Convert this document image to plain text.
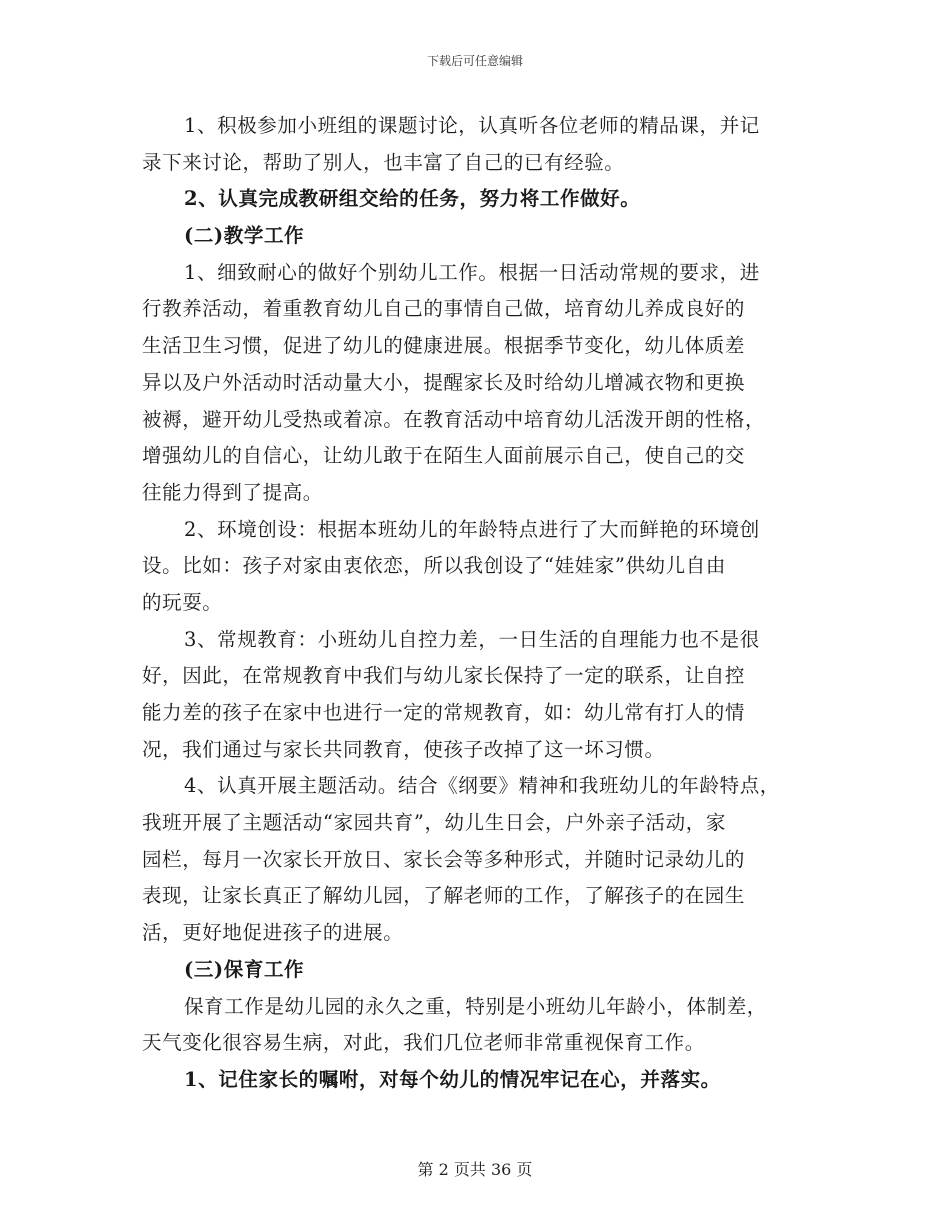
下载后可任意编辑
1、积极参加小班组的课题讨论，认真听各位老师的精品课，并记
录下来讨论，帮助了别人，也丰富了自己的已有经验。
2、认真完成教研组交给的任务，努力将工作做好。
(二)教学工作
1、细致耐心的做好个别幼儿工作。根据一日活动常规的要求，进
行教养活动，着重教育幼儿自己的事情自己做，培育幼儿养成良好的
生活卫生习惯，促进了幼儿的健康进展。根据季节变化，幼儿体质差
异以及户外活动时活动量大小，提醒家长及时给幼儿增减衣物和更换
被褥，避开幼儿受热或着凉。在教育活动中培育幼儿活泼开朗的性格，
增强幼儿的自信心，让幼儿敢于在陌生人面前展示自己，使自己的交
往能力得到了提高。
2、环境创设：根据本班幼儿的年龄特点进行了大而鲜艳的环境创
设。比如：孩子对家由衷依恋，所以我创设了“娃娃家”供幼儿自由
的玩耍。
3、常规教育：小班幼儿自控力差，一日生活的自理能力也不是很
好，因此，在常规教育中我们与幼儿家长保持了一定的联系，让自控
能力差的孩子在家中也进行一定的常规教育，如：幼儿常有打人的情
况，我们通过与家长共同教育，使孩子改掉了这一坏习惯。
4、认真开展主题活动。结合《纲要》精神和我班幼儿的年龄特点，
我班开展了主题活动“家园共育”，幼儿生日会，户外亲子活动，家
园栏，每月一次家长开放日、家长会等多种形式，并随时记录幼儿的
表现，让家长真正了解幼儿园，了解老师的工作，了解孩子的在园生
活，更好地促进孩子的进展。
(三)保育工作
保育工作是幼儿园的永久之重，特别是小班幼儿年龄小，体制差，
天气变化很容易生病，对此，我们几位老师非常重视保育工作。
1、记住家长的嘱咐，对每个幼儿的情况牢记在心，并落实。
第 2 页共 36 页
